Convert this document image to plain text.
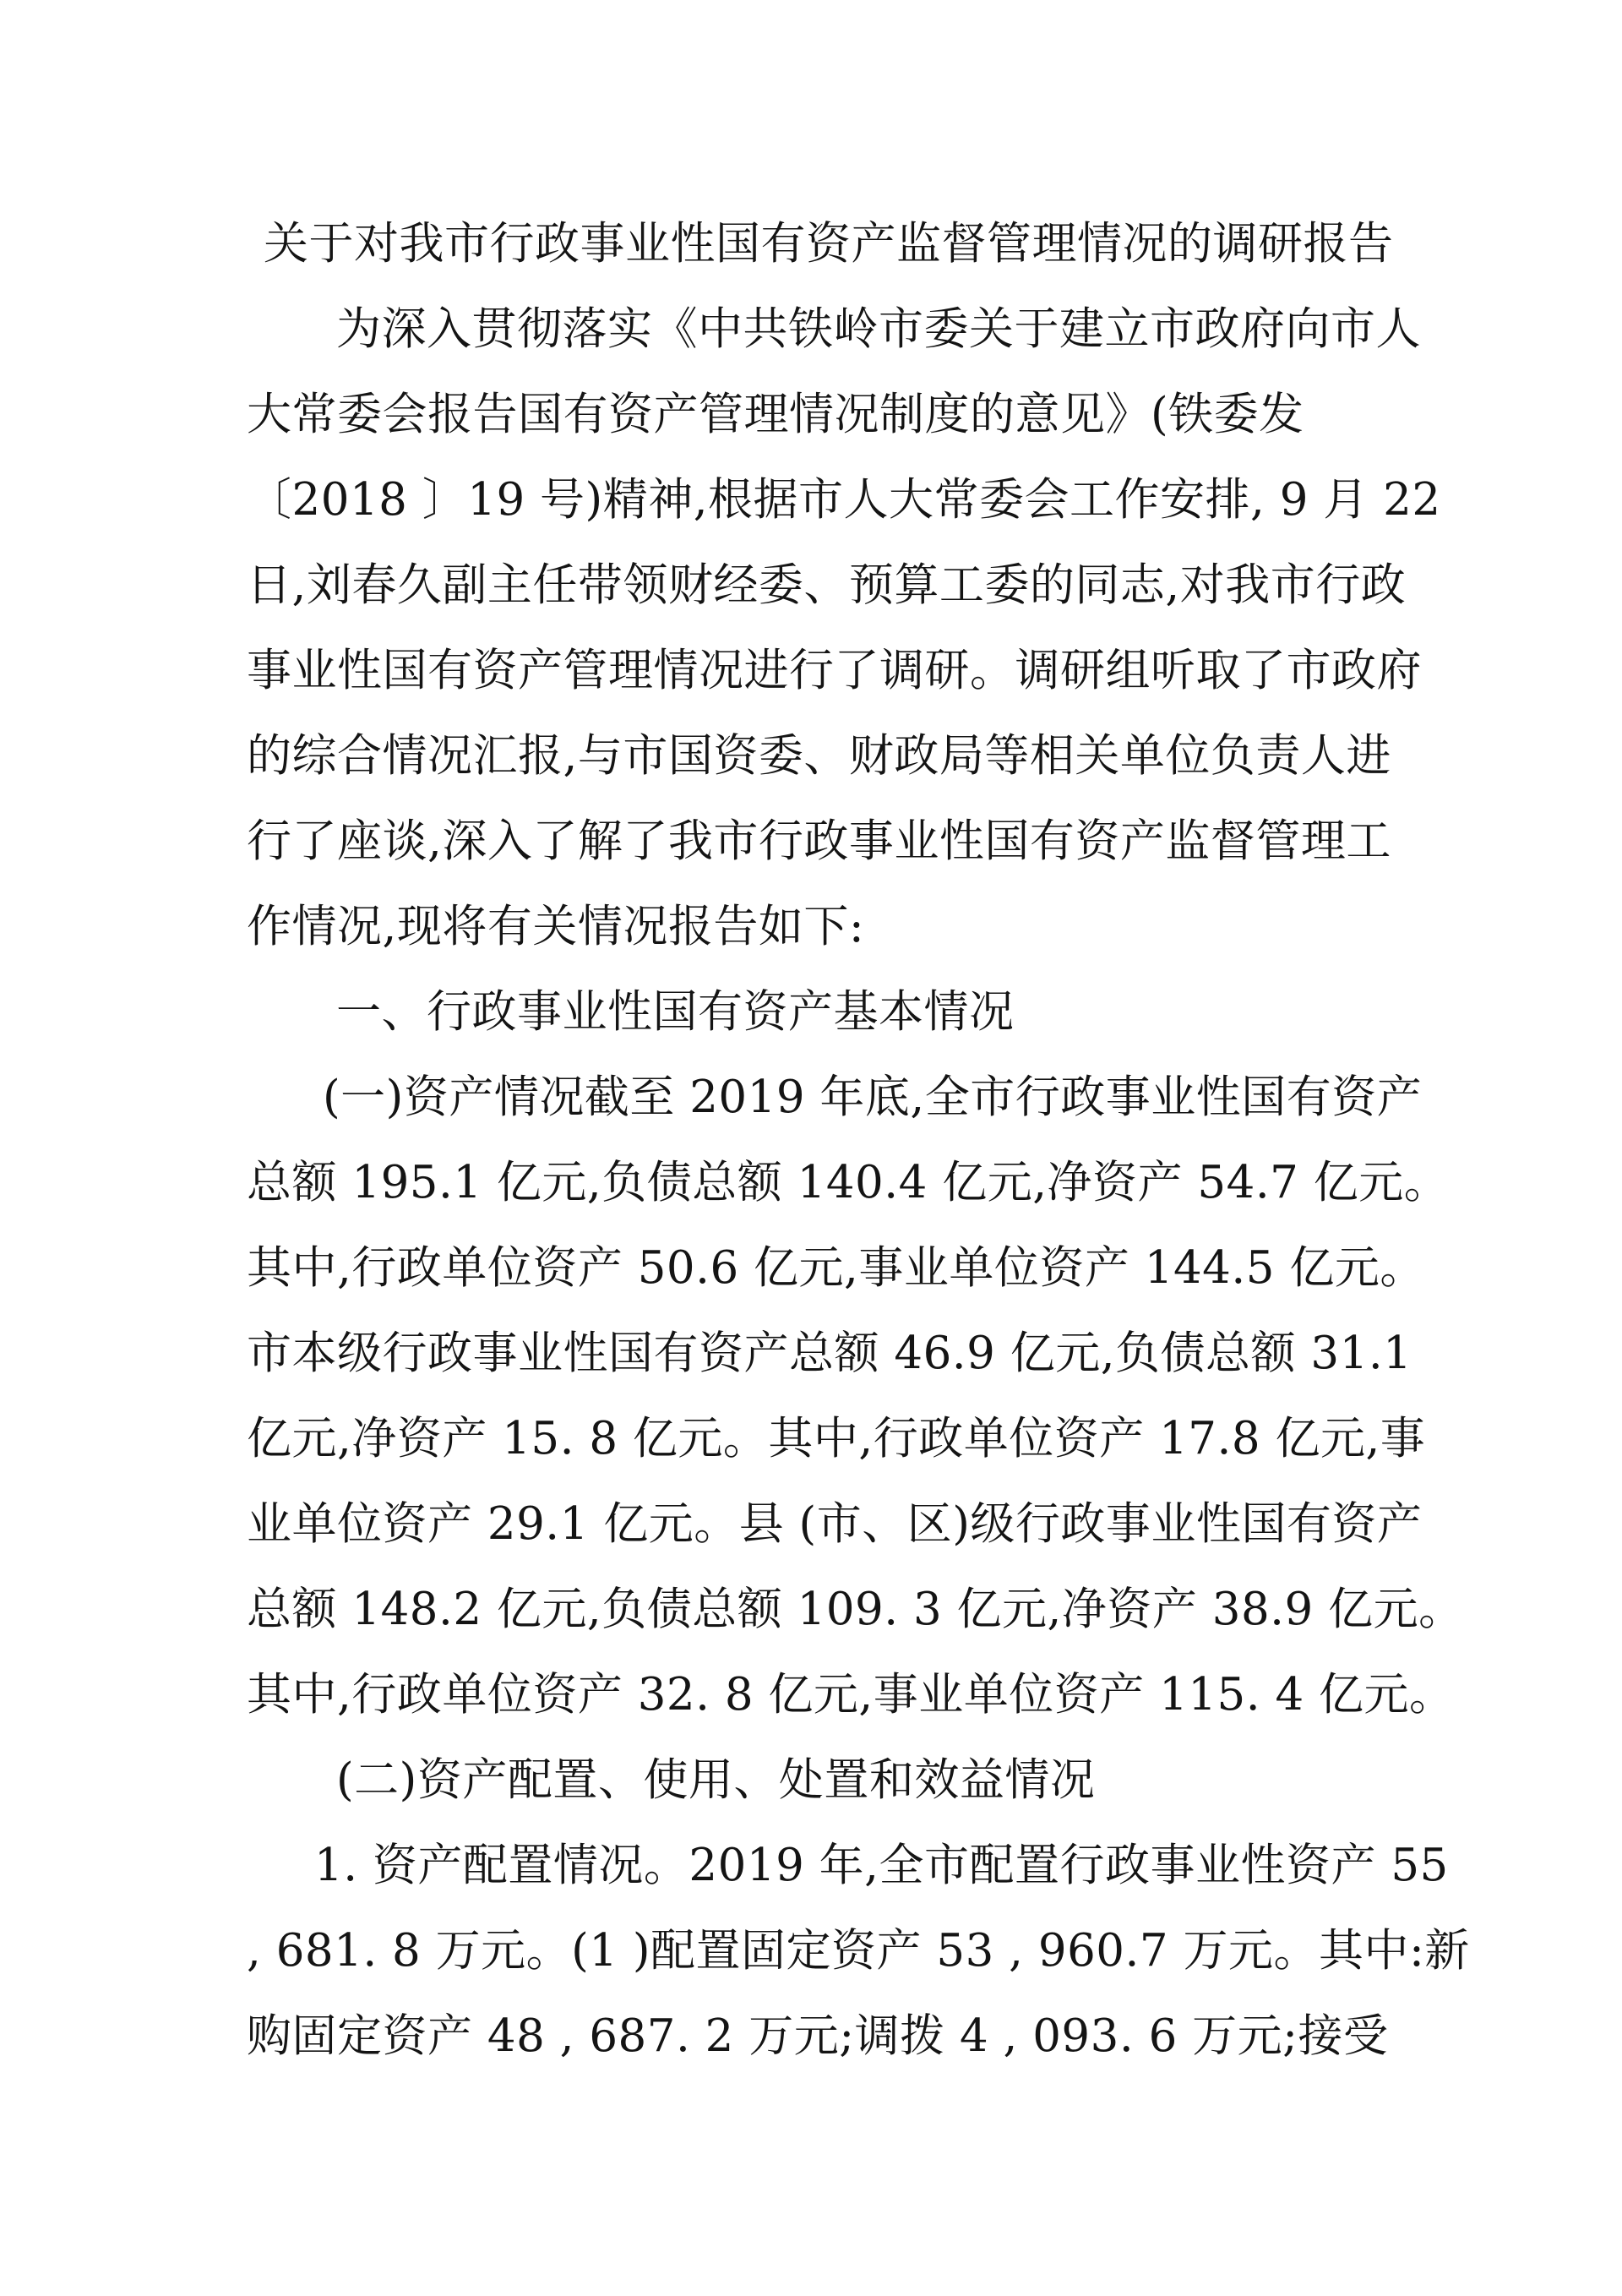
关于对我市行政事业性国有资产监督管理情况的调研报告

为深入贯彻落实《中共铁岭市委关于建立市政府向市人

大常委会报告国有资产管理情况制度的意见》(铁委发

〔2018 〕19 号)精神,根据市人大常委会工作安排, 9 月 22

日,刘春久副主任带领财经委、预算工委的同志,对我市行政

事业性国有资产管理情况进行了调研。调研组听取了市政府

的综合情况汇报,与市国资委、财政局等相关单位负责人进

行了座谈,深入了解了我市行政事业性国有资产监督管理工

作情况,现将有关情况报告如下:

一、行政事业性国有资产基本情况

(一)资产情况截至 2019 年底,全市行政事业性国有资产

总额 195.1 亿元,负债总额 140.4 亿元,净资产 54.7 亿元。

其中,行政单位资产 50.6 亿元,事业单位资产 144.5 亿元。

市本级行政事业性国有资产总额 46.9 亿元,负债总额 31.1

亿元,净资产 15. 8 亿元。其中,行政单位资产 17.8 亿元,事

业单位资产 29.1 亿元。县 (市、区)级行政事业性国有资产

总额 148.2 亿元,负债总额 109. 3 亿元,净资产 38.9 亿元。

其中,行政单位资产 32. 8 亿元,事业单位资产 115. 4 亿元。

(二)资产配置、使用、处置和效益情况

1. 资产配置情况。2019 年,全市配置行政事业性资产 55

, 681. 8 万元。(1 )配置固定资产 53 , 960.7 万元。其中:新

购固定资产 48 , 687. 2 万元;调拨 4 , 093. 6 万元;接受
